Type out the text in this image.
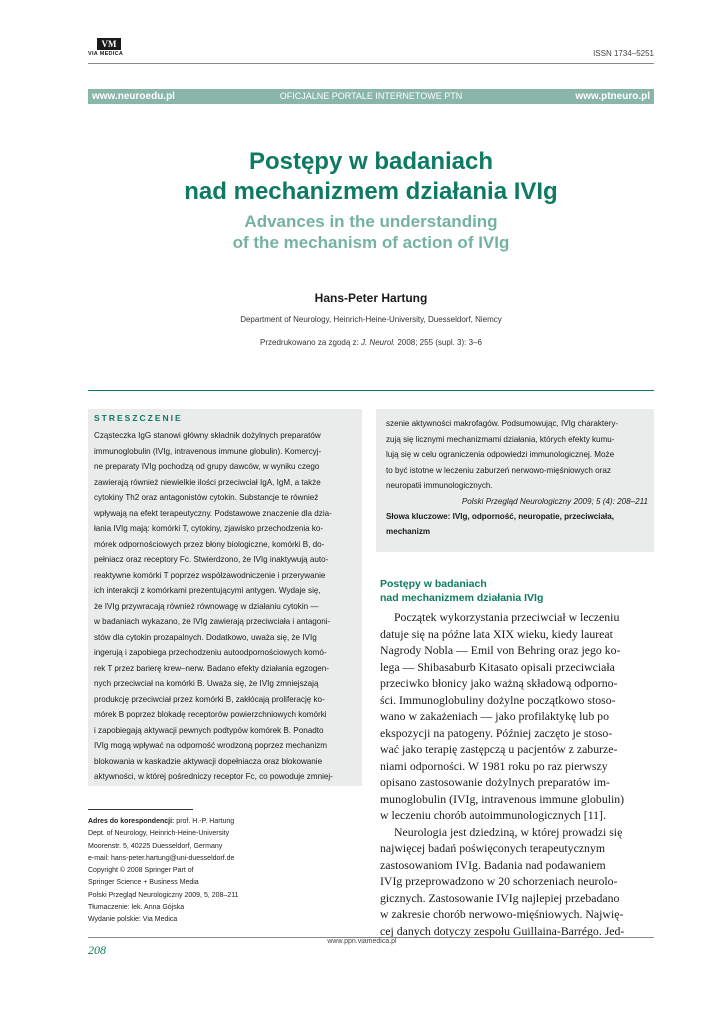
VM
VIA MEDICA	ISSN 1734–5251
www.neuroedu.pl	OFICJALNE PORTALE INTERNETOWE PTN	www.ptneuro.pl
Postępy w badaniach
nad mechanizmem działania IVIg
Advances in the understanding
of the mechanism of action of IVIg
Hans-Peter Hartung
Department of Neurology, Heinrich-Heine-University, Duesseldorf, Niemcy
Przedrukowano za zgodą z: J. Neurol. 2008; 255 (supl. 3): 3–6
STRESZCZENIE
Cząsteczka IgG stanowi główny składnik dożylnych preparatów
immunoglobulin (IVIg, intravenous immune globulin). Komercyj-
ne preparaty IVIg pochodzą od grupy dawców, w wyniku czego
zawierają również niewielkie ilości przeciwciał IgA, IgM, a także
cytokiny Th2 oraz antagonistów cytokin. Substancje te również
wpływają na efekt terapeutyczny. Podstawowe znaczenie dla dzia-
łania IVIg mają: komórki T, cytokiny, zjawisko przechodzenia ko-
mórek odpornościowych przez błony biologiczne, komórki B, do-
pełniacz oraz receptory Fc. Stwierdzono, że IVIg inaktywują auto-
reaktywne komórki T poprzez współzawodniczenie i przerywanie
ich interakcji z komórkami prezentującymi antygen. Wydaje się,
że IVIg przywracają również równowagę w działaniu cytokin —
w badaniach wykazano, że IVIg zawierają przeciwciała i antagoni-
stów dla cytokin prozapalnych. Dodatkowo, uważa się, że IVIg
ingerują i zapobiega przechodzeniu autoodpornościowych komó-
rek T przez barierę krew–nerw. Badano efekty działania egzogen-
nych przeciwciał na komórki B. Uważa się, że IVIg zmniejszają
produkcję przeciwciał przez komórki B, zakłócają proliferację ko-
mórek B poprzez blokadę receptorów powierzchniowych komórki
i zapobiegają aktywacji pewnych podtypów komórek B. Ponadto
IVIg mogą wpływać na odporność wrodzoną poprzez mechanizm
blokowania w kaskadzie aktywacji dopełniacza oraz blokowanie
aktywności, w której pośredniczy receptor Fc, co powoduje zmniej-
szenie aktywności makrofagów. Podsumowując, IVIg charaktery-
zują się licznymi mechanizmami działania, których efekty kumu-
lują się w celu ograniczenia odpowiedzi immunologicznej. Może
to być istotne w leczeniu zaburzeń nerwowo-mięśniowych oraz
neuropatii immunologicznych.
Polski Przegląd Neurologiczny 2009; 5 (4): 208–211
Słowa kluczowe: IVIg, odporność, neuropatie, przeciwciała,
mechanizm
Adres do korespondencji: prof. H.-P. Hartung
Dept. of Neurology, Heinrich-Heine-University
Moorenstr. 5, 40225 Duesseldorf, Germany
e-mail: hans-peter.hartung@uni-duesseldorf.de
Copyright © 2008 Springer Part of
Springer Science + Business Media
Polski Przegląd Neurologiczny 2009, 5, 208–211
Tłumaczenie: lek. Anna Gójska
Wydanie polskie: Via Medica
Postępy w badaniach
nad mechanizmem działania IVIg

Początek wykorzystania przeciwciał w leczeniu

datuje się na późne lata XIX wieku, kiedy laureat

Nagrody Nobla — Emil von Behring oraz jego ko-

lega — Shibasaburb Kitasato opisali przeciwciała

przeciwko błonicy jako ważną składową odporno-

ści. Immunoglobuliny dożylne początkowo stoso-

wano w zakażeniach — jako profilaktykę lub po

ekspozycji na patogeny. Później zaczęto je stoso-

wać jako terapię zastępczą u pacjentów z zaburze-

niami odporności. W 1981 roku po raz pierwszy

opisano zastosowanie dożylnych preparatów im-

munoglobulin (IVIg, intravenous immune globulin)

w leczeniu chorób autoimmunologicznych [11].

Neurologia jest dziedziną, w której prowadzi się

najwięcej badań poświęconych terapeutycznym

zastosowaniom IVIg. Badania nad podawaniem

IVIg przeprowadzono w 20 schorzeniach neurolo-

gicznych. Zastosowanie IVIg najlepiej przebadano

w zakresie chorób nerwowo-mięśniowych. Najwię-

cej danych dotyczy zespołu Guillaina-Barrégo. Jed-

www.ppn.viamedica.pl
208
